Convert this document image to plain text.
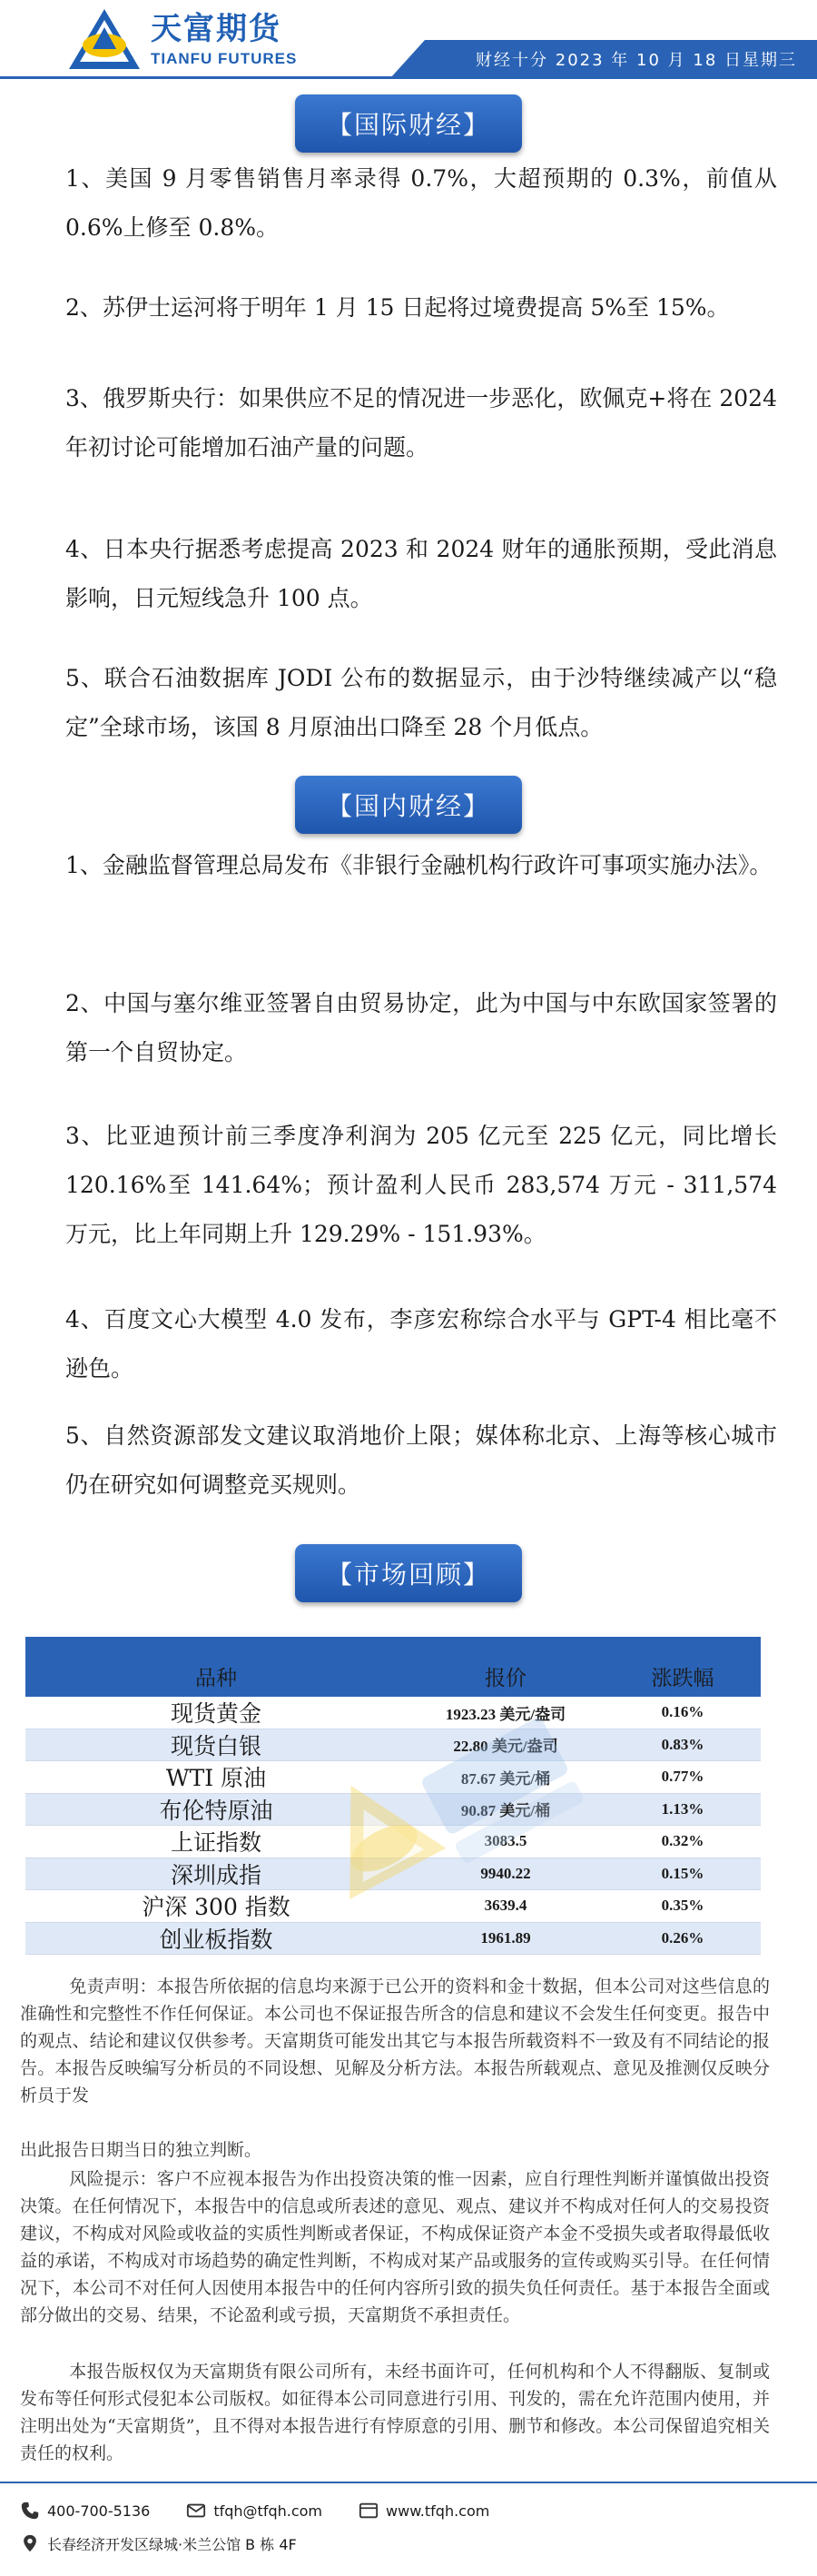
天富期货
TIANFU FUTURES	财经十分 2023 年 10 月 18 日星期三
【国际财经】
1、美国 9 月零售销售月率录得 0.7%，大超预期的 0.3%，前值从 0.6%上修至 0.8%。
2、苏伊士运河将于明年 1 月 15 日起将过境费提高 5%至 15%。
3、俄罗斯央行：如果供应不足的情况进一步恶化，欧佩克+将在 2024 年初讨论可能增加石油产量的问题。
4、日本央行据悉考虑提高 2023 和 2024 财年的通胀预期，受此消息影响，日元短线急升 100 点。
5、联合石油数据库 JODI 公布的数据显示，由于沙特继续减产以“稳定”全球市场，该国 8 月原油出口降至 28 个月低点。
【国内财经】
1、金融监督管理总局发布《非银行金融机构行政许可事项实施办法》。
2、中国与塞尔维亚签署自由贸易协定，此为中国与中东欧国家签署的第一个自贸协定。
3、比亚迪预计前三季度净利润为 205 亿元至 225 亿元，同比增长 120.16%至 141.64%；预计盈利人民币 283,574 万元 - 311,574 万元，比上年同期上升 129.29% - 151.93%。
4、百度文心大模型 4.0 发布，李彦宏称综合水平与 GPT-4 相比毫不逊色。
5、自然资源部发文建议取消地价上限；媒体称北京、上海等核心城市仍在研究如何调整竞买规则。
【市场回顾】
品种	报价	涨跌幅
现货黄金	1923.23 美元/盎司	0.16%
现货白银	22.80 美元/盎司	0.83%
WTI 原油	87.67 美元/桶	0.77%
布伦特原油	90.87 美元/桶	1.13%
上证指数	3083.5	0.32%
深圳成指	9940.22	0.15%
沪深 300 指数	3639.4	0.35%
创业板指数	1961.89	0.26%
免责声明：本报告所依据的信息均来源于已公开的资料和金十数据，但本公司对这些信息的准确性和完整性不作任何保证。本公司也不保证报告所含的信息和建议不会发生任何变更。报告中的观点、结论和建议仅供参考。天富期货可能发出其它与本报告所载资料不一致及有不同结论的报告。本报告反映编写分析员的不同设想、见解及分析方法。本报告所载观点、意见及推测仅反映分析员于发
出此报告日期当日的独立判断。
风险提示：客户不应视本报告为作出投资决策的惟一因素，应自行理性判断并谨慎做出投资决策。在任何情况下，本报告中的信息或所表述的意见、观点、建议并不构成对任何人的交易投资建议，不构成对风险或收益的实质性判断或者保证，不构成保证资产本金不受损失或者取得最低收益的承诺，不构成对市场趋势的确定性判断，不构成对某产品或服务的宣传或购买引导。在任何情况下，本公司不对任何人因使用本报告中的任何内容所引致的损失负任何责任。基于本报告全面或部分做出的交易、结果，不论盈利或亏损，天富期货不承担责任。
本报告版权仅为天富期货有限公司所有，未经书面许可，任何机构和个人不得翻版、复制或发布等任何形式侵犯本公司版权。如征得本公司同意进行引用、刊发的，需在允许范围内使用，并注明出处为“天富期货”，且不得对本报告进行有悖原意的引用、删节和修改。本公司保留追究相关责任的权利。
400-700-5136	tfqh@tfqh.com	www.tfqh.com
长春经济开发区绿城·米兰公馆 B 栋 4F
